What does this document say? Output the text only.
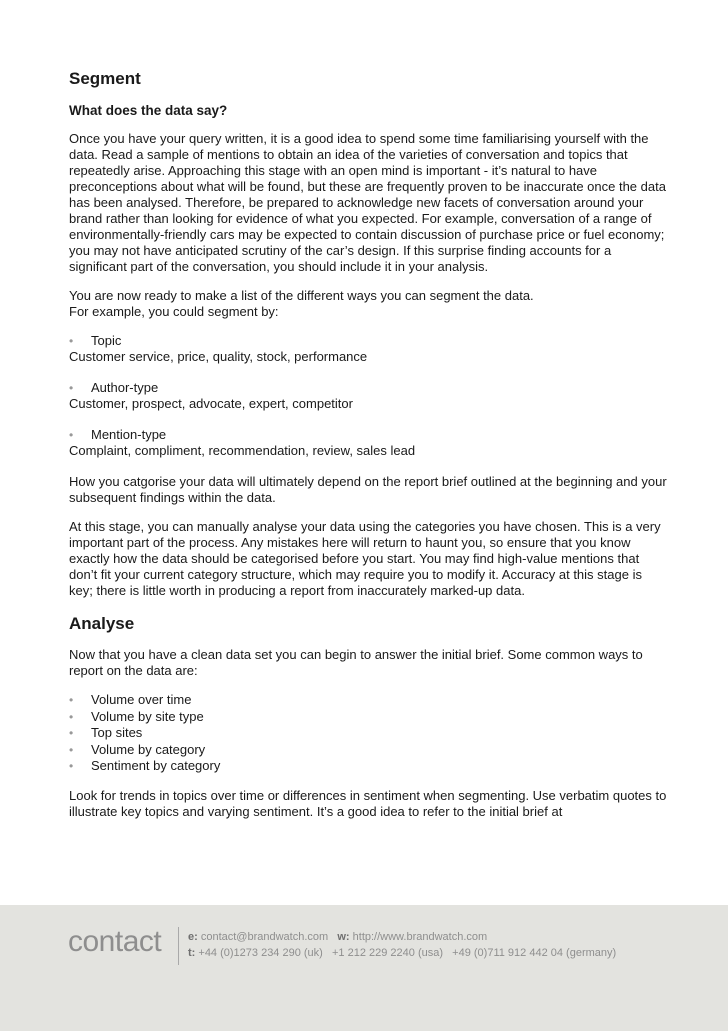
Segment
What does the data say?

Once you have your query written, it is a good idea to spend some time familiarising yourself with the data. Read a sample of mentions to obtain an idea of the varieties of conversation and topics that repeatedly arise. Approaching this stage with an open mind is important - it’s natural to have preconceptions about what will be found, but these are frequently proven to be inaccurate once the data has been analysed. Therefore, be prepared to acknowledge new facets of conversation around your brand rather than looking for evidence of what you expected. For example, conversation of a range of environmentally-friendly cars may be expected to contain discussion of purchase price or fuel economy; you may not have anticipated scrutiny of the car’s design. If this surprise finding accounts for a significant part of the conversation, you should include it in your analysis.

You are now ready to make a list of the different ways you can segment the data.
For example, you could segment by:

•	Topic
Customer service, price, quality, stock, performance
•	Author-type
Customer, prospect, advocate, expert, competitor
•	Mention-type
Complaint, compliment, recommendation, review, sales lead

How you catgorise your data will ultimately depend on the report brief outlined at the beginning and your subsequent findings within the data.

At this stage, you can manually analyse your data using the categories you have chosen. This is a very important part of the process. Any mistakes here will return to haunt you, so ensure that you know exactly how the data should be categorised before you start. You may find high-value mentions that don’t fit your current category structure, which may require you to modify it. Accuracy at this stage is key; there is little worth in producing a report from inaccurately marked-up data.

Analyse

Now that you have a clean data set you can begin to answer the initial brief. Some common ways to report on the data are:

•	Volume over time
•	Volume by site type
•	Top sites
•	Volume by category
•	Sentiment by category

Look for trends in topics over time or differences in sentiment when segmenting. Use verbatim quotes to illustrate key topics and varying sentiment. It’s a good idea to refer to the initial brief at

contact e: contact@brandwatch.com w: http://www.brandwatch.com
t: +44 (0)1273 234 290 (uk)   +1 212 229 2240 (usa)   +49 (0)711 912 442 04 (germany)
